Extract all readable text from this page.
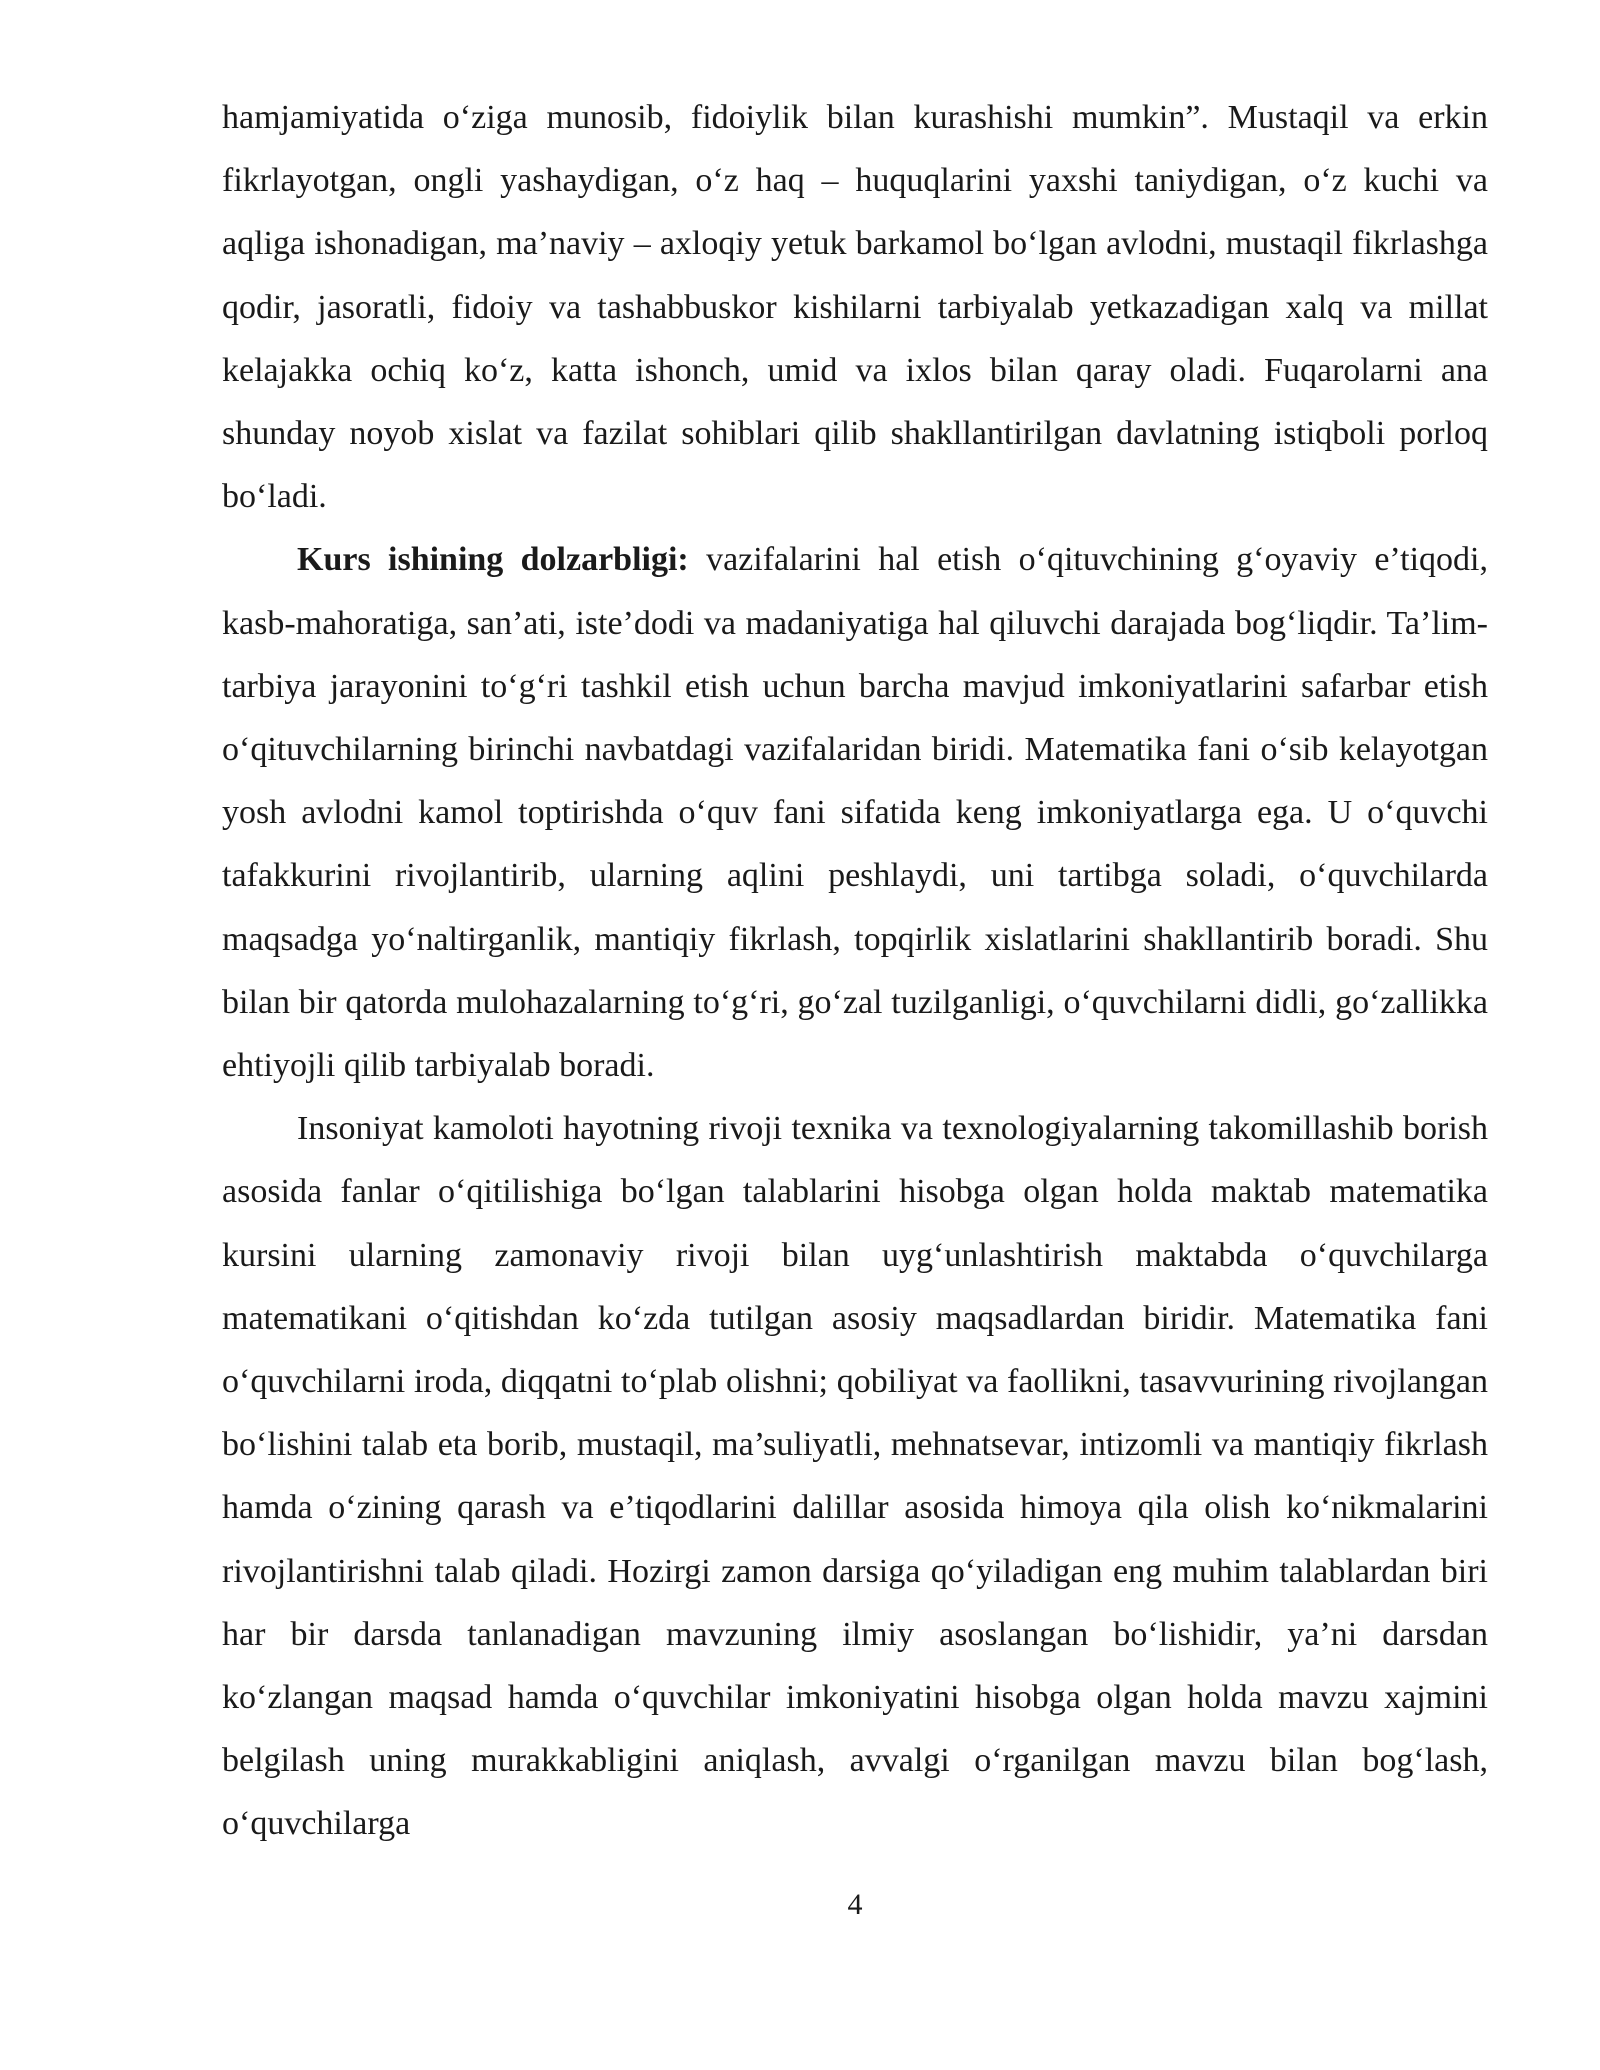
hamjamiyatida o‘ziga munosib, fidoiylik bilan kurashishi mumkin”. Mustaqil va erkin fikrlayotgan, ongli yashaydigan, o‘z haq – huquqlarini yaxshi taniydigan, o‘z kuchi va aqliga ishonadigan, ma’naviy – axloqiy yetuk barkamol bo‘lgan avlodni, mustaqil fikrlashga qodir, jasoratli, fidoiy va tashabbuskor kishilarni tarbiyalab yetkazadigan xalq va millat kelajakka ochiq ko‘z, katta ishonch, umid va ixlos bilan qaray oladi. Fuqarolarni ana shunday noyob xislat va fazilat sohiblari qilib shakllantirilgan davlatning istiqboli porloq bo‘ladi.

Kurs ishining dolzarbligi: vazifalarini hal etish o‘qituvchining g‘oyaviy e’tiqodi, kasb-mahoratiga, san’ati, iste’dodi va madaniyatiga hal qiluvchi darajada bog‘liqdir. Ta’lim-tarbiya jarayonini to‘g‘ri tashkil etish uchun barcha mavjud imkoniyatlarini safarbar etish o‘qituvchilarning birinchi navbatdagi vazifalaridan biridi. Matematika fani o‘sib kelayotgan yosh avlodni kamol toptirishda o‘quv fani sifatida keng imkoniyatlarga ega. U o‘quvchi tafakkurini rivojlantirib, ularning aqlini peshlaydi, uni tartibga soladi, o‘quvchilarda maqsadga yo‘naltirganlik, mantiqiy fikrlash, topqirlik xislatlarini shakllantirib boradi. Shu bilan bir qatorda mulohazalarning to‘g‘ri, go‘zal tuzilganligi, o‘quvchilarni didli, go‘zallikka ehtiyojli qilib tarbiyalab boradi.

Insoniyat kamoloti hayotning rivoji texnika va texnologiyalarning takomillashib borish asosida fanlar o‘qitilishiga bo‘lgan talablarini hisobga olgan holda maktab matematika kursini ularning zamonaviy rivoji bilan uyg‘unlashtirish maktabda o‘quvchilarga matematikani o‘qitishdan ko‘zda tutilgan asosiy maqsadlardan biridir. Matematika fani o‘quvchilarni iroda, diqqatni to‘plab olishni; qobiliyat va faollikni, tasavvurining rivojlangan bo‘lishini talab eta borib, mustaqil, ma’suliyatli, mehnatsevar, intizomli va mantiqiy fikrlash hamda o‘zining qarash va e’tiqodlarini dalillar asosida himoya qila olish ko‘nikmalarini rivojlantirishni talab qiladi. Hozirgi zamon darsiga qo‘yiladigan eng muhim talablardan biri har bir darsda tanlanadigan mavzuning ilmiy asoslangan bo‘lishidir, ya’ni darsdan ko‘zlangan maqsad hamda o‘quvchilar imkoniyatini hisobga olgan holda mavzu xajmini belgilash uning murakkabligini aniqlash, avvalgi o‘rganilgan mavzu bilan bog‘lash, o‘quvchilarga

4
